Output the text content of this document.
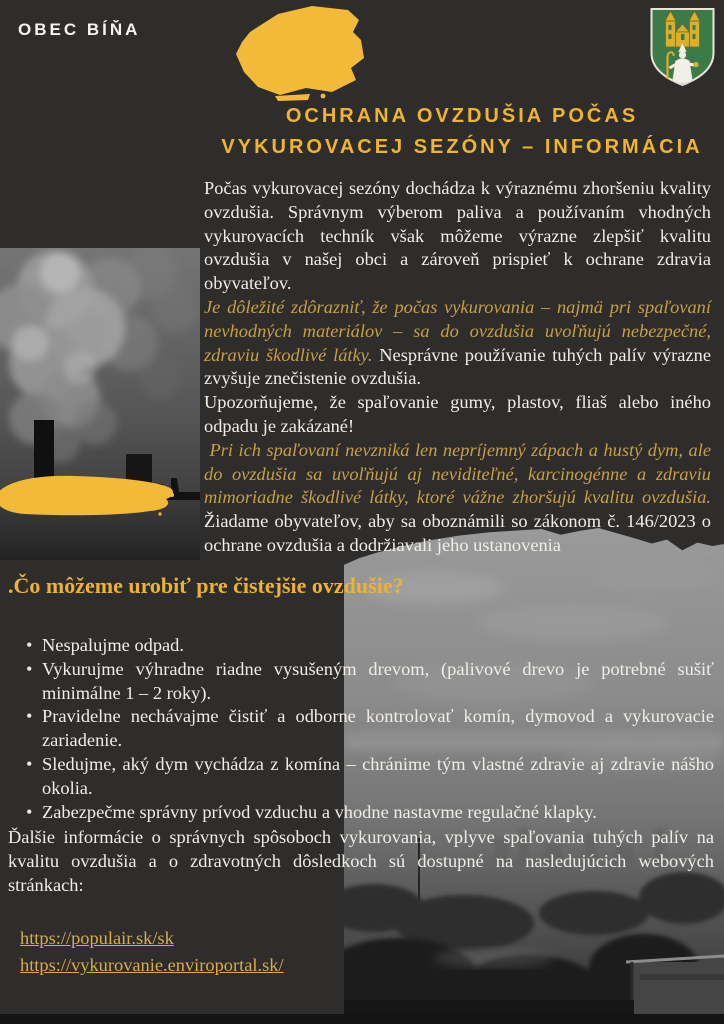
OBEC BÍŇA
OCHRANA OVZDUŠIA POČAS VYKUROVACEJ SEZÓNY – INFORMÁCIA

Počas vykurovacej sezóny dochádza k výraznému zhoršeniu kvality ovzdušia. Správnym výberom paliva a používaním vhodných vykurovacích techník však môžeme výrazne zlepšiť kvalitu ovzdušia v našej obci a zároveň prispieť k ochrane zdravia obyvateľov.

Je dôležité zdôrazniť, že počas vykurovania – najmä pri spaľovaní nevhodných materiálov – sa do ovzdušia uvoľňujú nebezpečné, zdraviu škodlivé látky. Nesprávne používanie tuhých palív výrazne zvyšuje znečistenie ovzdušia.

Upozorňujeme, že spaľovanie gumy, plastov, fliaš alebo iného odpadu je zakázané!

Pri ich spaľovaní nevzniká len nepríjemný zápach a hustý dym, ale do ovzdušia sa uvoľňujú aj neviditeľné, karcinogénne a zdraviu mimoriadne škodlivé látky, ktoré vážne zhoršujú kvalitu ovzdušia. Žiadame obyvateľov, aby sa oboznámili so zákonom č. 146/2023 o ochrane ovzdušia a dodržiavali jeho ustanovenia

.Čo môžeme urobiť pre čistejšie ovzdušie?
• Nespalujme odpad.
• Vykurujme výhradne riadne vysušeným drevom, (palivové drevo je potrebné sušiť minimálne 1 – 2 roky).
• Pravidelne nechávajme čistiť a odborne kontrolovať komín, dymovod a vykurovacie zariadenie.
• Sledujme, aký dym vychádza z komína – chránime tým vlastné zdravie aj zdravie nášho okolia.
• Zabezpečme správny prívod vzduchu a vhodne nastavme regulačné klapky.
Ďalšie informácie o správnych spôsoboch vykurovania, vplyve spaľovania tuhých palív na kvalitu ovzdušia a o zdravotných dôsledkoch sú dostupné na nasledujúcich webových stránkach:
https://populair.sk/sk
https://vykurovanie.enviroportal.sk/
